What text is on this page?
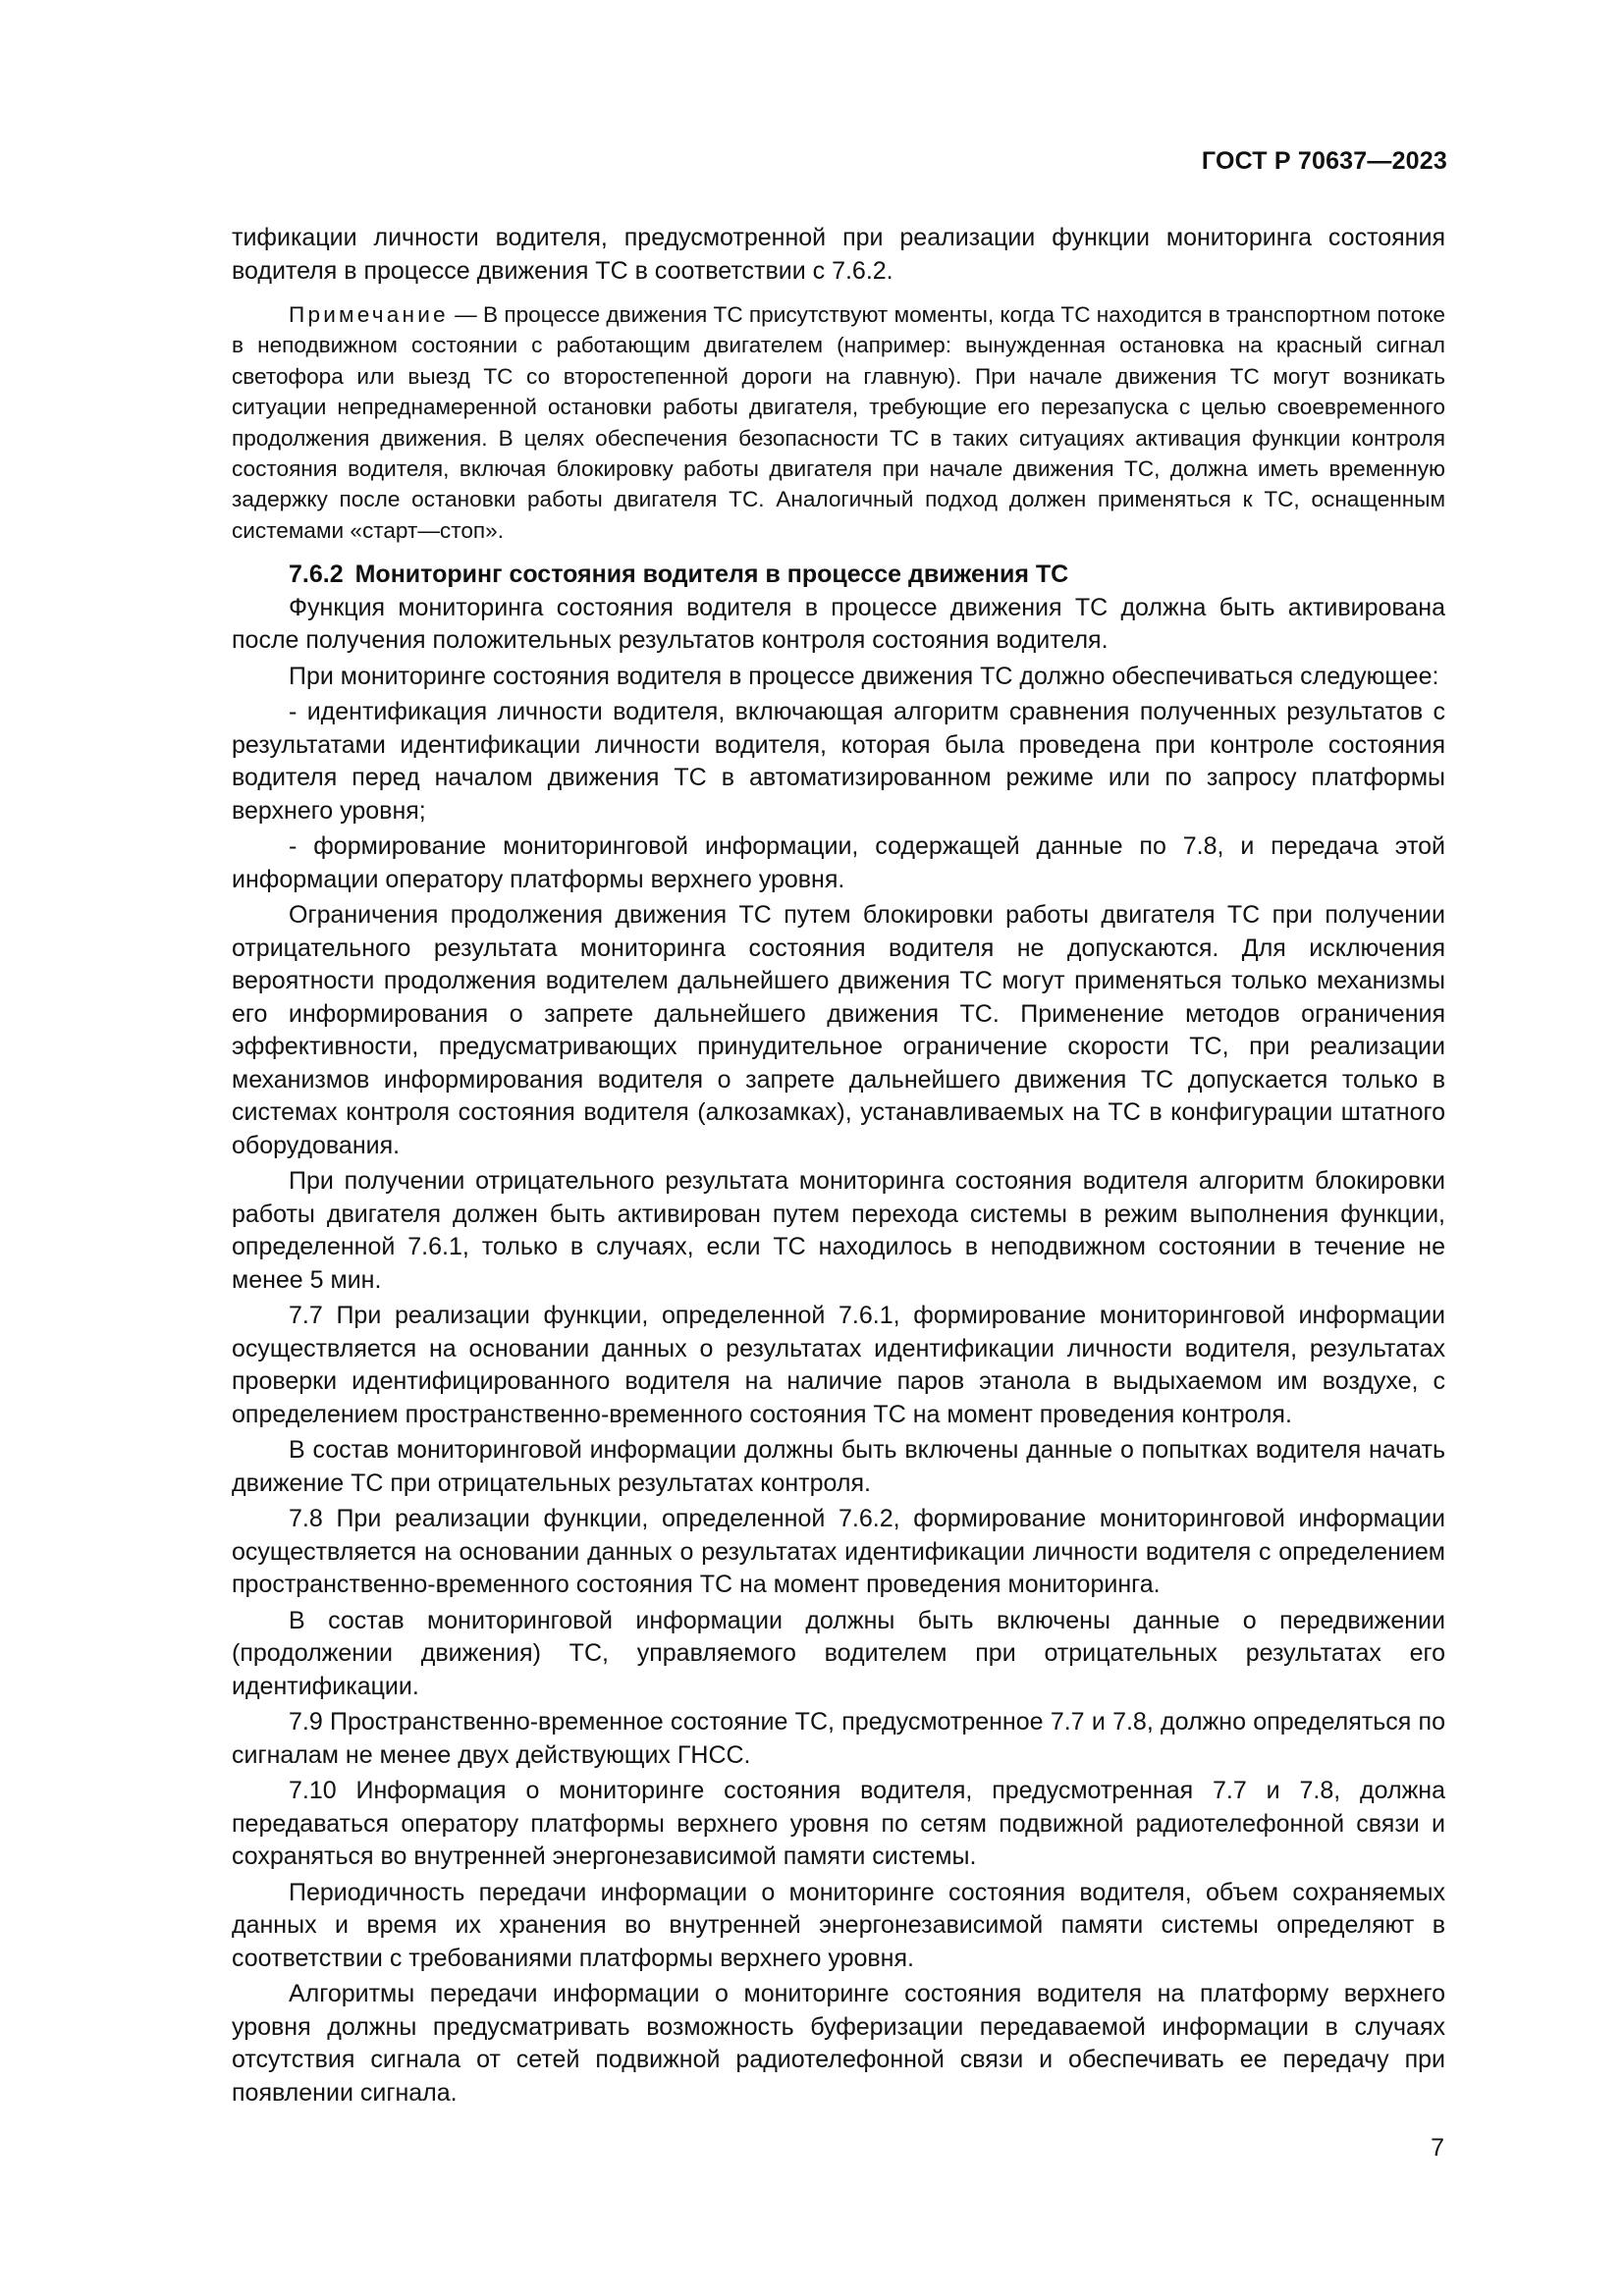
ГОСТ Р 70637—2023

тификации личности водителя, предусмотренной при реализации функции мониторинга состояния водителя в процессе движения ТС в соответствии с 7.6.2.

Примечание — В процессе движения ТС присутствуют моменты, когда ТС находится в транспортном потоке в неподвижном состоянии с работающим двигателем (например: вынужденная остановка на красный сигнал светофора или выезд ТС со второстепенной дороги на главную). При начале движения ТС могут возникать ситуации непреднамеренной остановки работы двигателя, требующие его перезапуска с целью своевременного продолжения движения. В целях обеспечения безопасности ТС в таких ситуациях активация функции контроля состояния водителя, включая блокировку работы двигателя при начале движения ТС, должна иметь временную задержку после остановки работы двигателя ТС. Аналогичный подход должен применяться к ТС, оснащенным системами «старт—стоп».

7.6.2 Мониторинг состояния водителя в процессе движения ТС

Функция мониторинга состояния водителя в процессе движения ТС должна быть активирована после получения положительных результатов контроля состояния водителя.

При мониторинге состояния водителя в процессе движения ТС должно обеспечиваться следующее:

- идентификация личности водителя, включающая алгоритм сравнения полученных результатов с результатами идентификации личности водителя, которая была проведена при контроле состояния водителя перед началом движения ТС в автоматизированном режиме или по запросу платформы верхнего уровня;

- формирование мониторинговой информации, содержащей данные по 7.8, и передача этой информации оператору платформы верхнего уровня.

Ограничения продолжения движения ТС путем блокировки работы двигателя ТС при получении отрицательного результата мониторинга состояния водителя не допускаются. Для исключения вероятности продолжения водителем дальнейшего движения ТС могут применяться только механизмы его информирования о запрете дальнейшего движения ТС. Применение методов ограничения эффективности, предусматривающих принудительное ограничение скорости ТС, при реализации механизмов информирования водителя о запрете дальнейшего движения ТС допускается только в системах контроля состояния водителя (алкозамках), устанавливаемых на ТС в конфигурации штатного оборудования.

При получении отрицательного результата мониторинга состояния водителя алгоритм блокировки работы двигателя должен быть активирован путем перехода системы в режим выполнения функции, определенной 7.6.1, только в случаях, если ТС находилось в неподвижном состоянии в течение не менее 5 мин.

7.7 При реализации функции, определенной 7.6.1, формирование мониторинговой информации осуществляется на основании данных о результатах идентификации личности водителя, результатах проверки идентифицированного водителя на наличие паров этанола в выдыхаемом им воздухе, с определением пространственно-временного состояния ТС на момент проведения контроля.

В состав мониторинговой информации должны быть включены данные о попытках водителя начать движение ТС при отрицательных результатах контроля.

7.8 При реализации функции, определенной 7.6.2, формирование мониторинговой информации осуществляется на основании данных о результатах идентификации личности водителя с определением пространственно-временного состояния ТС на момент проведения мониторинга.

В состав мониторинговой информации должны быть включены данные о передвижении (продолжении движения) ТС, управляемого водителем при отрицательных результатах его идентификации.

7.9 Пространственно-временное состояние ТС, предусмотренное 7.7 и 7.8, должно определяться по сигналам не менее двух действующих ГНСС.

7.10 Информация о мониторинге состояния водителя, предусмотренная 7.7 и 7.8, должна передаваться оператору платформы верхнего уровня по сетям подвижной радиотелефонной связи и сохраняться во внутренней энергонезависимой памяти системы.

Периодичность передачи информации о мониторинге состояния водителя, объем сохраняемых данных и время их хранения во внутренней энергонезависимой памяти системы определяют в соответствии с требованиями платформы верхнего уровня.

Алгоритмы передачи информации о мониторинге состояния водителя на платформу верхнего уровня должны предусматривать возможность буферизации передаваемой информации в случаях отсутствия сигнала от сетей подвижной радиотелефонной связи и обеспечивать ее передачу при появлении сигнала.

7
